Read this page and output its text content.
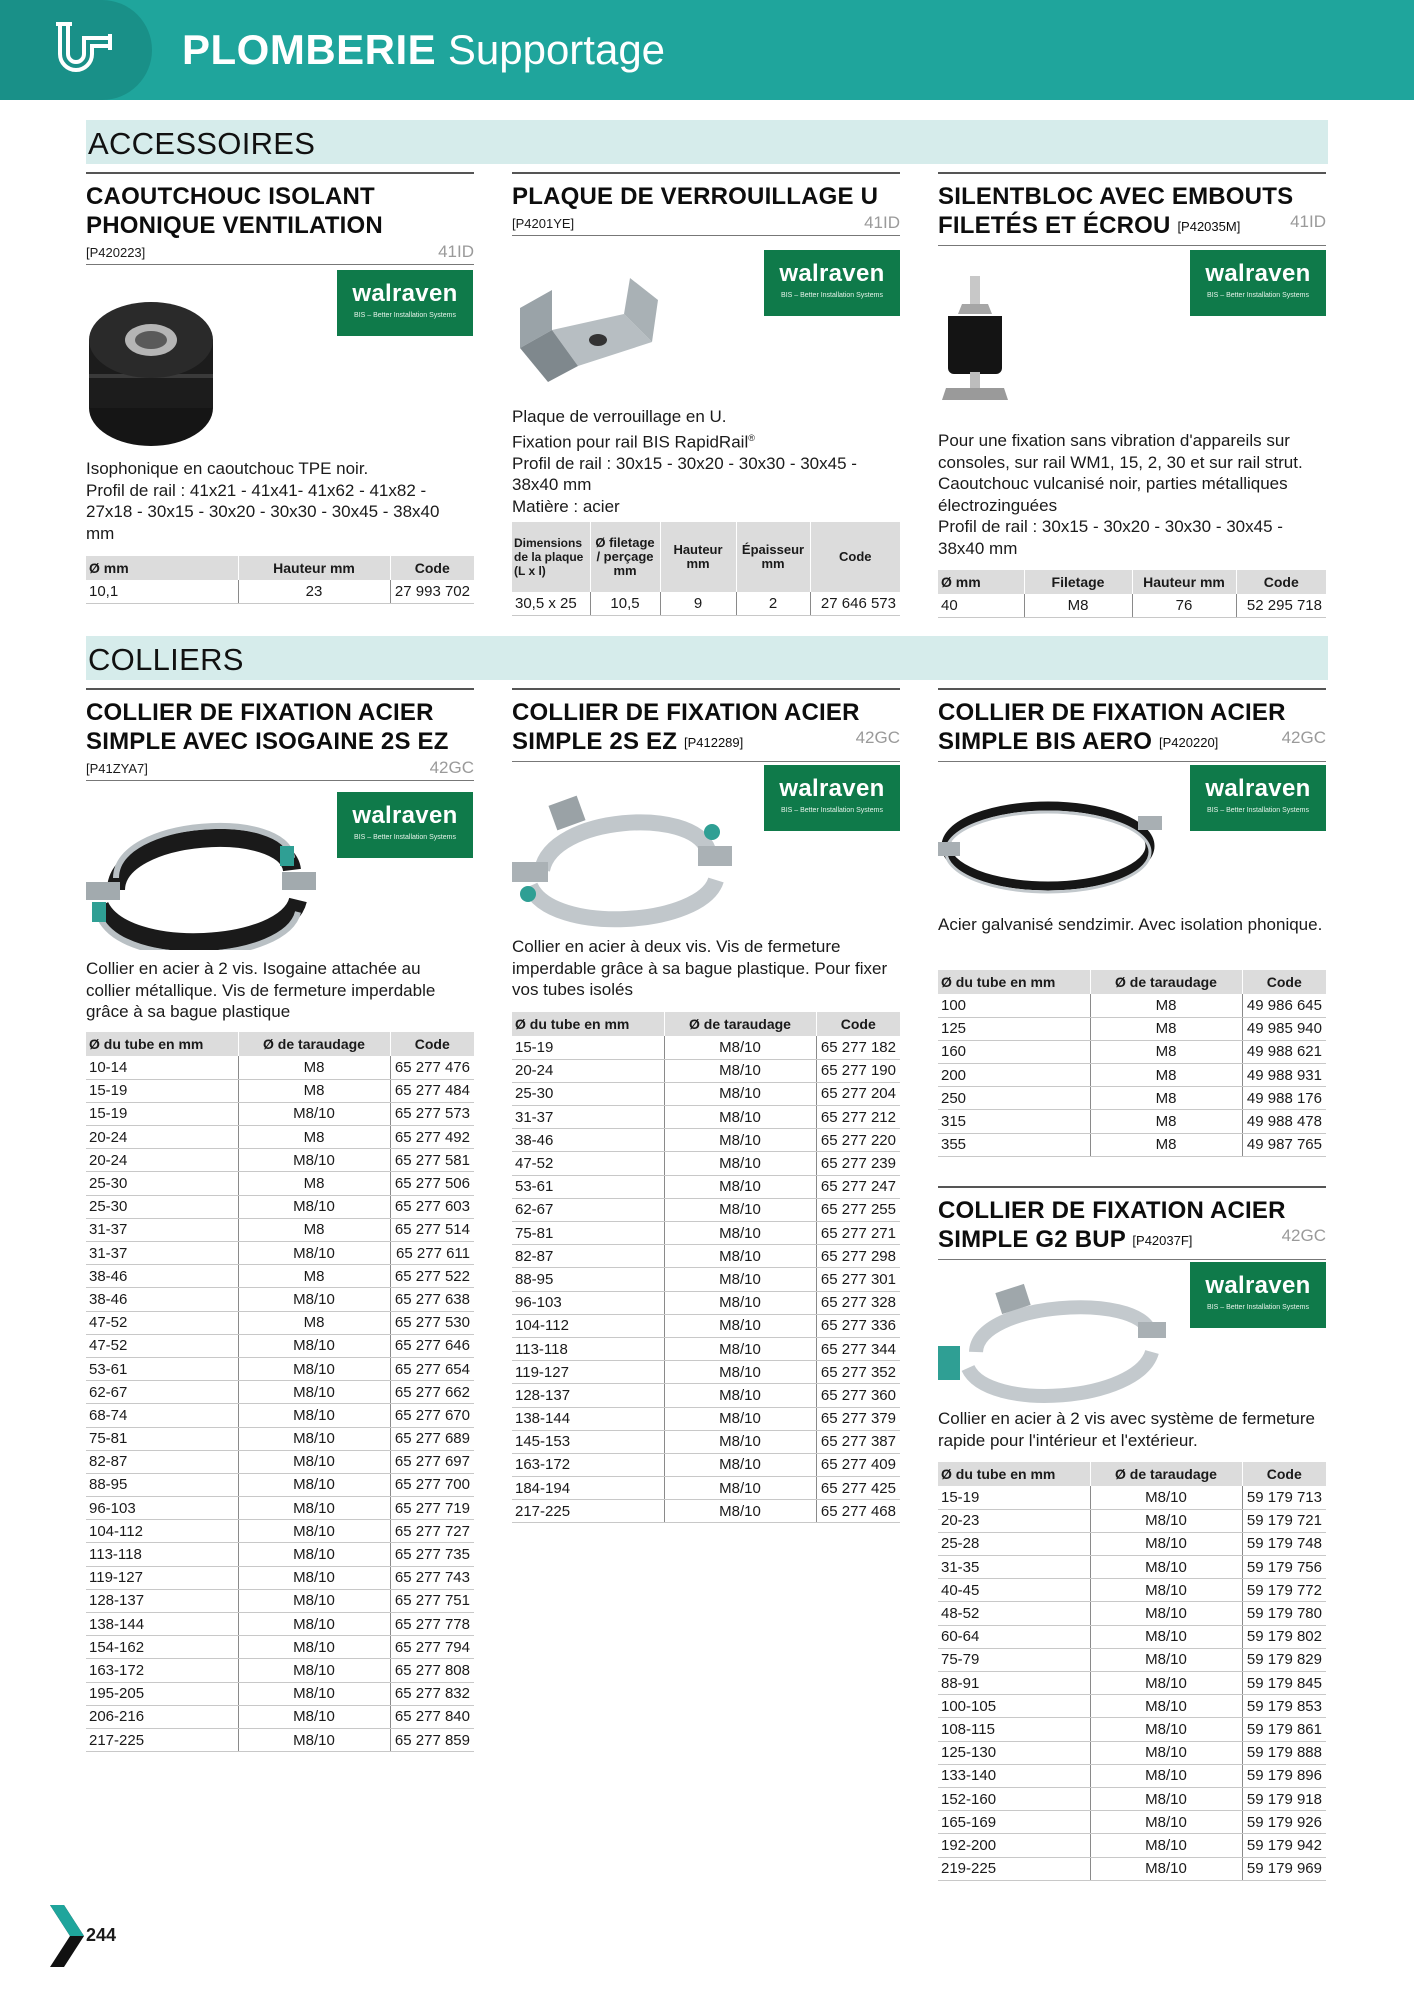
PLOMBERIE Supportage
ACCESSOIRES
CAOUTCHOUC ISOLANT PHONIQUE VENTILATION
[P420223]	41ID
walraven
BIS – Better Installation Systems

Isophonique en caoutchouc TPE noir.

Profil de rail : 41x21 - 41x41- 41x62 - 41x82 - 27x18 - 30x15 - 30x20 - 30x30 - 30x45 - 38x40 mm

Ø mm	Hauteur mm	Code
10,1	23	27 993 702
PLAQUE DE VERROUILLAGE U
[P4201YE]	41ID
walraven
BIS – Better Installation Systems

Plaque de verrouillage en U.

Fixation pour rail BIS RapidRail®

Profil de rail : 30x15 - 30x20 - 30x30 - 30x45 - 38x40 mm

Matière : acier

Dimensions de la plaque (L x l)	Ø filetage / perçage mm	Hauteur mm	Épaisseur mm	Code
30,5 x 25	10,5	9	2	27 646 573
SILENTBLOC AVEC EMBOUTS
FILETÉS ET ÉCROU [P42035M]	41ID
walraven
BIS – Better Installation Systems

Pour une fixation sans vibration d'appareils sur consoles, sur rail WM1, 15, 2, 30 et sur rail strut. Caoutchouc vulcanisé noir, parties métalliques électrozinguées

Profil de rail : 30x15 - 30x20 - 30x30 - 30x45 - 38x40 mm

Ø mm	Filetage	Hauteur mm	Code
40	M8	76	52 295 718
COLLIERS
COLLIER DE FIXATION ACIER SIMPLE AVEC ISOGAINE 2S EZ
[P41ZYA7]	42GC
walraven
BIS – Better Installation Systems

Collier en acier à 2 vis. Isogaine attachée au collier métallique. Vis de fermeture imperdable grâce à sa bague plastique

Ø du tube en mm	Ø de taraudage	Code
10-14	M8	65 277 476
15-19	M8	65 277 484
15-19	M8/10	65 277 573
20-24	M8	65 277 492
20-24	M8/10	65 277 581
25-30	M8	65 277 506
25-30	M8/10	65 277 603
31-37	M8	65 277 514
31-37	M8/10	65 277 611
38-46	M8	65 277 522
38-46	M8/10	65 277 638
47-52	M8	65 277 530
47-52	M8/10	65 277 646
53-61	M8/10	65 277 654
62-67	M8/10	65 277 662
68-74	M8/10	65 277 670
75-81	M8/10	65 277 689
82-87	M8/10	65 277 697
88-95	M8/10	65 277 700
96-103	M8/10	65 277 719
104-112	M8/10	65 277 727
113-118	M8/10	65 277 735
119-127	M8/10	65 277 743
128-137	M8/10	65 277 751
138-144	M8/10	65 277 778
154-162	M8/10	65 277 794
163-172	M8/10	65 277 808
195-205	M8/10	65 277 832
206-216	M8/10	65 277 840
217-225	M8/10	65 277 859
COLLIER DE FIXATION ACIER
SIMPLE 2S EZ [P412289]	42GC
walraven
BIS – Better Installation Systems

Collier en acier à deux vis. Vis de fermeture imperdable grâce à sa bague plastique. Pour fixer vos tubes isolés

Ø du tube en mm	Ø de taraudage	Code
15-19	M8/10	65 277 182
20-24	M8/10	65 277 190
25-30	M8/10	65 277 204
31-37	M8/10	65 277 212
38-46	M8/10	65 277 220
47-52	M8/10	65 277 239
53-61	M8/10	65 277 247
62-67	M8/10	65 277 255
75-81	M8/10	65 277 271
82-87	M8/10	65 277 298
88-95	M8/10	65 277 301
96-103	M8/10	65 277 328
104-112	M8/10	65 277 336
113-118	M8/10	65 277 344
119-127	M8/10	65 277 352
128-137	M8/10	65 277 360
138-144	M8/10	65 277 379
145-153	M8/10	65 277 387
163-172	M8/10	65 277 409
184-194	M8/10	65 277 425
217-225	M8/10	65 277 468
COLLIER DE FIXATION ACIER
SIMPLE BIS AERO [P420220]	42GC
walraven
BIS – Better Installation Systems

Acier galvanisé sendzimir. Avec isolation phonique.

Ø du tube en mm	Ø de taraudage	Code
100	M8	49 986 645
125	M8	49 985 940
160	M8	49 988 621
200	M8	49 988 931
250	M8	49 988 176
315	M8	49 988 478
355	M8	49 987 765
COLLIER DE FIXATION ACIER
SIMPLE G2 BUP [P42037F]	42GC
walraven
BIS – Better Installation Systems

Collier en acier à 2 vis avec système de fermeture rapide pour l'intérieur et l'extérieur.

Ø du tube en mm	Ø de taraudage	Code
15-19	M8/10	59 179 713
20-23	M8/10	59 179 721
25-28	M8/10	59 179 748
31-35	M8/10	59 179 756
40-45	M8/10	59 179 772
48-52	M8/10	59 179 780
60-64	M8/10	59 179 802
75-79	M8/10	59 179 829
88-91	M8/10	59 179 845
100-105	M8/10	59 179 853
108-115	M8/10	59 179 861
125-130	M8/10	59 179 888
133-140	M8/10	59 179 896
152-160	M8/10	59 179 918
165-169	M8/10	59 179 926
192-200	M8/10	59 179 942
219-225	M8/10	59 179 969
244
